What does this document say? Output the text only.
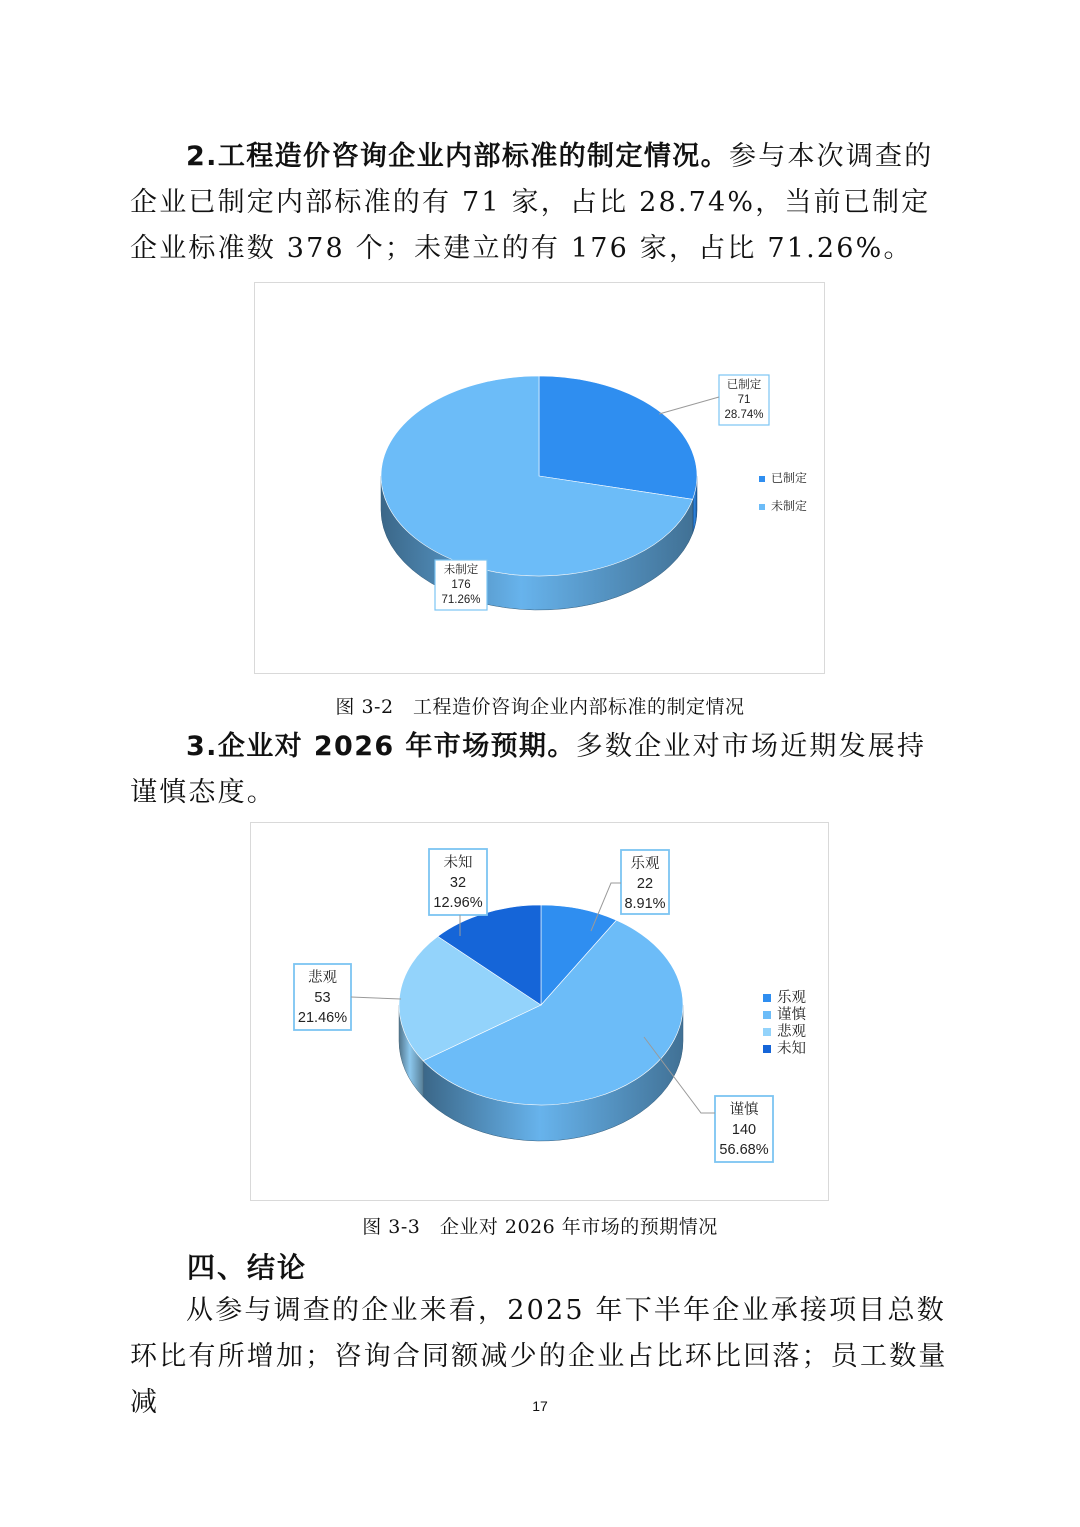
2.工程造价咨询企业内部标准的制定情况。参与本次调查的企业已制定内部标准的有 71 家，占比 28.74%，当前已制定企业标准数 378 个；未建立的有 176 家，占比 71.26%。

已制定
71
28.74%
未制定
176
71.26%
已制定
未制定
图 3-2　工程造价咨询企业内部标准的制定情况

3.企业对 2026 年市场预期。多数企业对市场近期发展持谨慎态度。

乐观
22
8.91%
谨慎
140
56.68%
悲观
53
21.46%
未知
32
12.96%
乐观
谨慎
悲观
未知
图 3-3　企业对 2026 年市场的预期情况
四、结论

从参与调查的企业来看，2025 年下半年企业承接项目总数环比有所增加；咨询合同额减少的企业占比环比回落；员工数量减	17
